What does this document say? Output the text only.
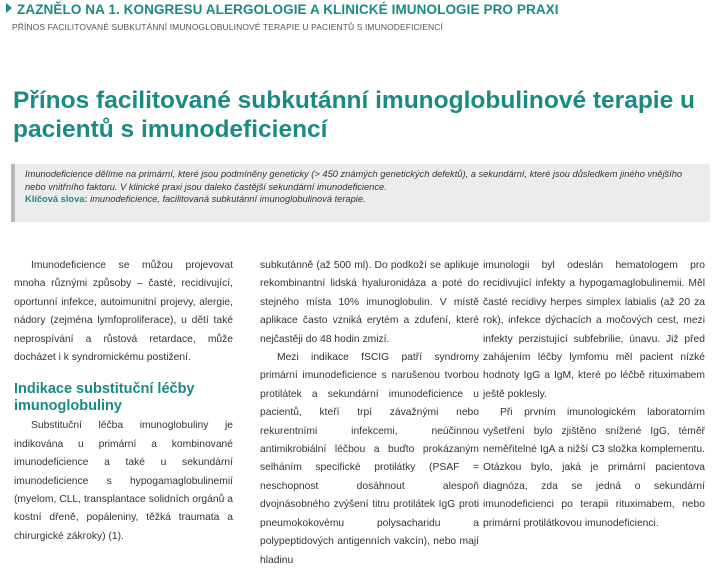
ZAZNĚLO NA 1. KONGRESU ALERGOLOGIE A KLINICKÉ IMUNOLOGIE PRO PRAXI
PŘÍNOS FACILITOVANÉ SUBKUTÁNNÍ IMUNOGLOBULINOVÉ TERAPIE U PACIENTŮ S IMUNODEFICIENCÍ
Přínos facilitované subkutánní imunoglobulinové terapie u pacientů s imunodeficiencí
Imunodeficience dělíme na primární, které jsou podmíněny geneticky (> 450 známých genetických defektů), a sekundární, které jsou důsledkem jiného vnějšího nebo vnitřního faktoru. V klinické praxi jsou daleko častější sekundární imunodeficience.
Klíčová slova: imunodeficience, facilitovaná subkutánní imunoglobulinová terapie.

Imunodeficience se můžou projevovat mnoha různými způsoby – časté, recidivující, oportunní infekce, autoimunitní projevy, alergie, nádory (zejména lymfoproliferace), u dětí také neprospívání a růstová retardace, může docházet i k syndromickému postižení.

Indikace substituční léčby imunoglobuliny

Substituční léčba imunoglobuliny je indikována u primární a kombinované imunodeficience a také u sekundární imunodeficience s hypogamaglobulinemií (myelom, CLL, transplantace solidních orgánů a kostní dřeně, popáleniny, těžká traumata a chirurgické zákroky) (1).

subkutánně (až 500 ml). Do podkoží se aplikuje rekombinantní lidská hyaluronidáza a poté do stejného místa 10% imunoglobulin. V místě aplikace často vzniká erytém a zdufení, které nejčastěji do 48 hodin zmizí.

Mezi indikace fSCIG patří syndromy primární imunodeficience s narušenou tvorbou protilátek a sekundární imunodeficience u pacientů, kteří trpí závažnými nebo rekurentními infekcemi, neúčinnou antimikrobiální léčbou a buďto prokázaným selháním specifické protilátky (PSAF = neschopnost dosáhnout alespoň dvojnásobného zvýšení titru protilátek IgG proti pneumokokovému polysacharidu a polypeptidových antigenních vakcín), nebo mají hladinu

imunologii byl odeslán hematologem pro recidivující infekty a hypogamaglobulinemii. Měl časté recidivy herpes simplex labialis (až 20 za rok), infekce dýchacích a močových cest, mezi infekty perzistující subfebrilie, únavu. Již před zahájením léčby lymfomu měl pacient nízké hodnoty IgG a IgM, které po léčbě rituximabem ještě poklesly.

Při prvním imunologickém laboratorním vyšetření bylo zjištěno snížené IgG, téměř neměřitelné IgA a nižší C3 složka komplementu. Otázkou bylo, jaká je primární pacientova diagnóza, zda se jedná o sekundární imunodeficienci po terapii rituximabem, nebo primární protilátkovou imunodeficienci.
